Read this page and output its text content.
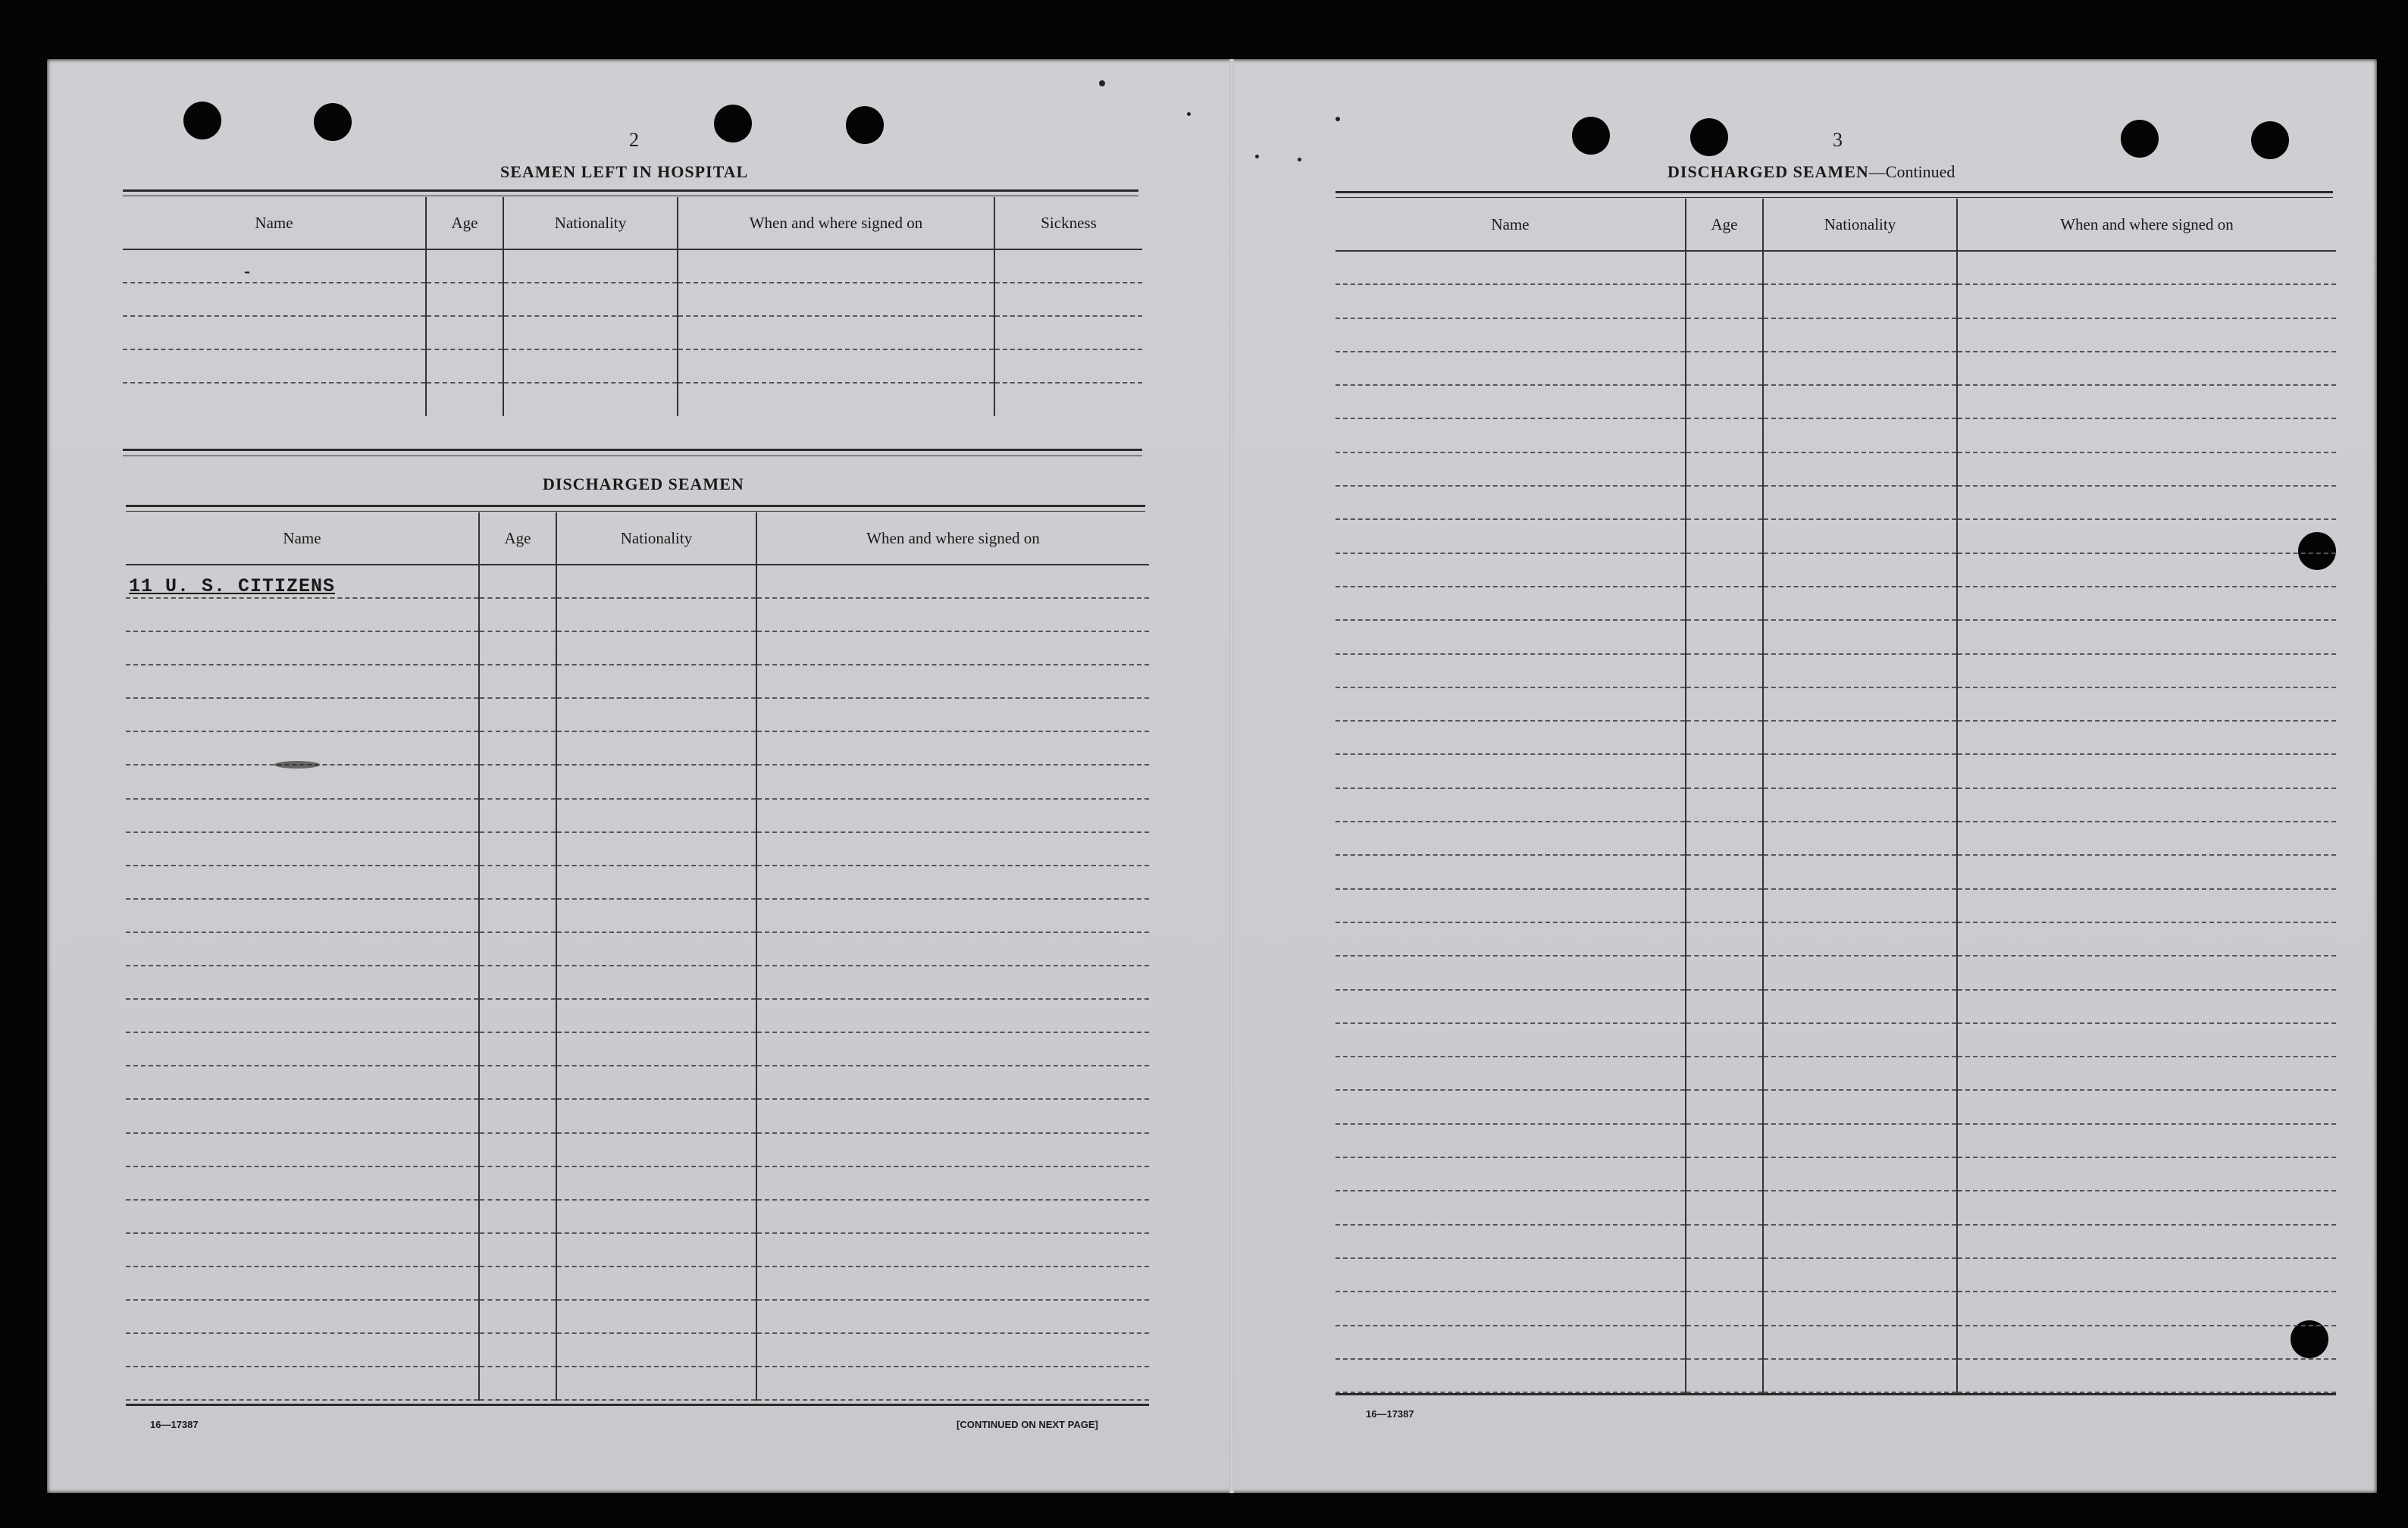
2
SEAMEN LEFT IN HOSPITAL
Name	Age	Nationality	When and where signed on	Sickness
-				

DISCHARGED SEAMEN
Name	Age	Nationality	When and where signed on
11 U. S. CITIZENS			

16—17387	[CONTINUED ON NEXT PAGE]
3
DISCHARGED SEAMEN—Continued
Name	Age	Nationality	When and where signed on

16—17387
